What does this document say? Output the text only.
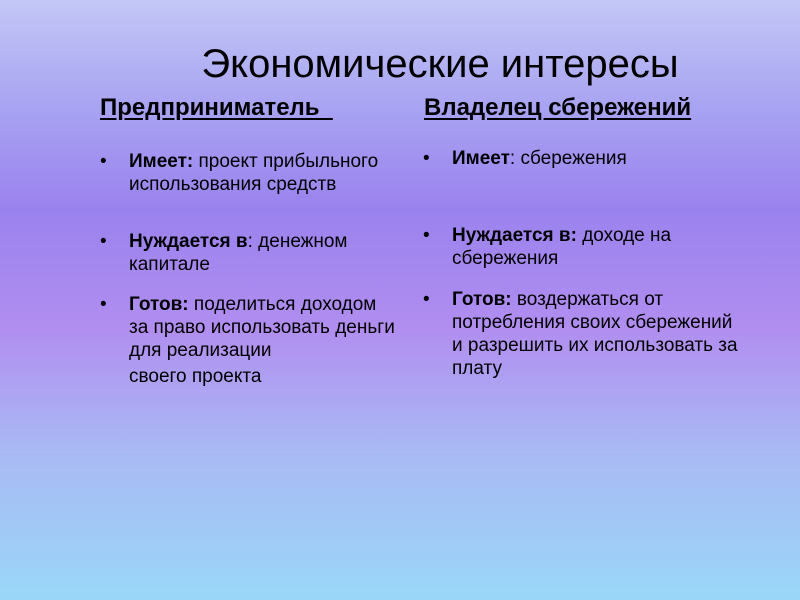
Экономические интересы
Предприниматель	Владелец сбережений
• Имеет: проект прибыльного использования средств
• Нуждается в: денежном капитале
• Готов: поделиться доходом
за право использовать деньги для реализации
своего проекта
• Имеет: сбережения
• Нуждается в: доходе на сбережения
• Готов: воздержаться от потребления своих сбережений и разрешить их использовать за плату
